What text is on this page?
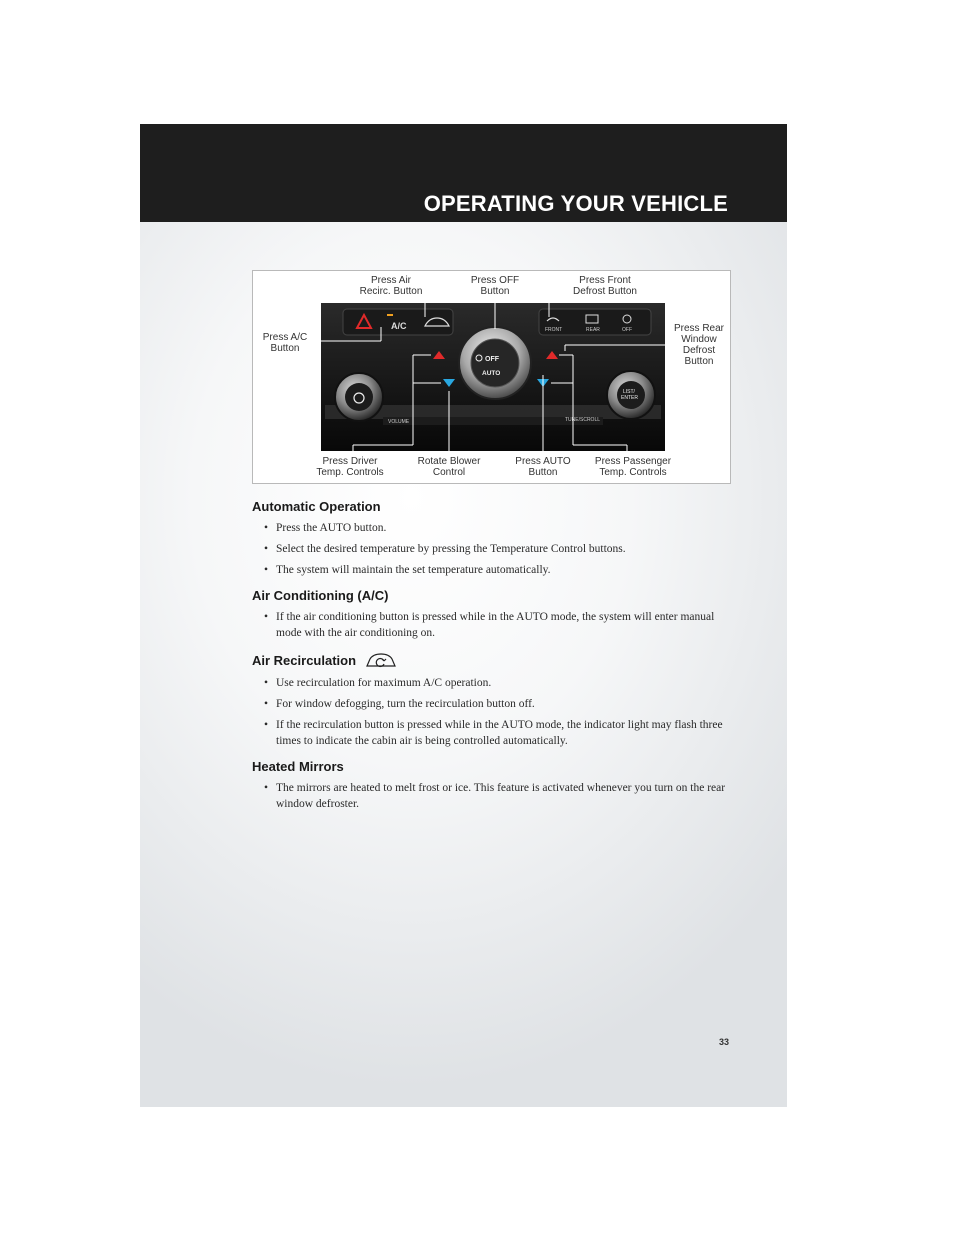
OPERATING YOUR VEHICLE
A/C	FRONT	REAR	OFF
VOLUME
LIST/ ENTER
TUNE/SCROLL
OFF
AUTO
Press Air
Recirc. Button
Press OFF
Button
Press Front
Defrost Button
Press A/C
Button
Press Rear
Window
Defrost
Button
Press Driver
Temp. Controls
Rotate Blower
Control
Press AUTO
Button
Press Passenger
Temp. Controls
Automatic Operation
• Press the AUTO button.
• Select the desired temperature by pressing the Temperature Control buttons.
• The system will maintain the set temperature automatically.
Air Conditioning (A/C)
• If the air conditioning button is pressed while in the AUTO mode, the system will enter manual mode with the air conditioning on.
Air Recirculation
• Use recirculation for maximum A/C operation.
• For window defogging, turn the recirculation button off.
• If the recirculation button is pressed while in the AUTO mode, the indicator light may flash three times to indicate the cabin air is being controlled automatically.
Heated Mirrors
• The mirrors are heated to melt frost or ice. This feature is activated whenever you turn on the rear window defroster.
33
